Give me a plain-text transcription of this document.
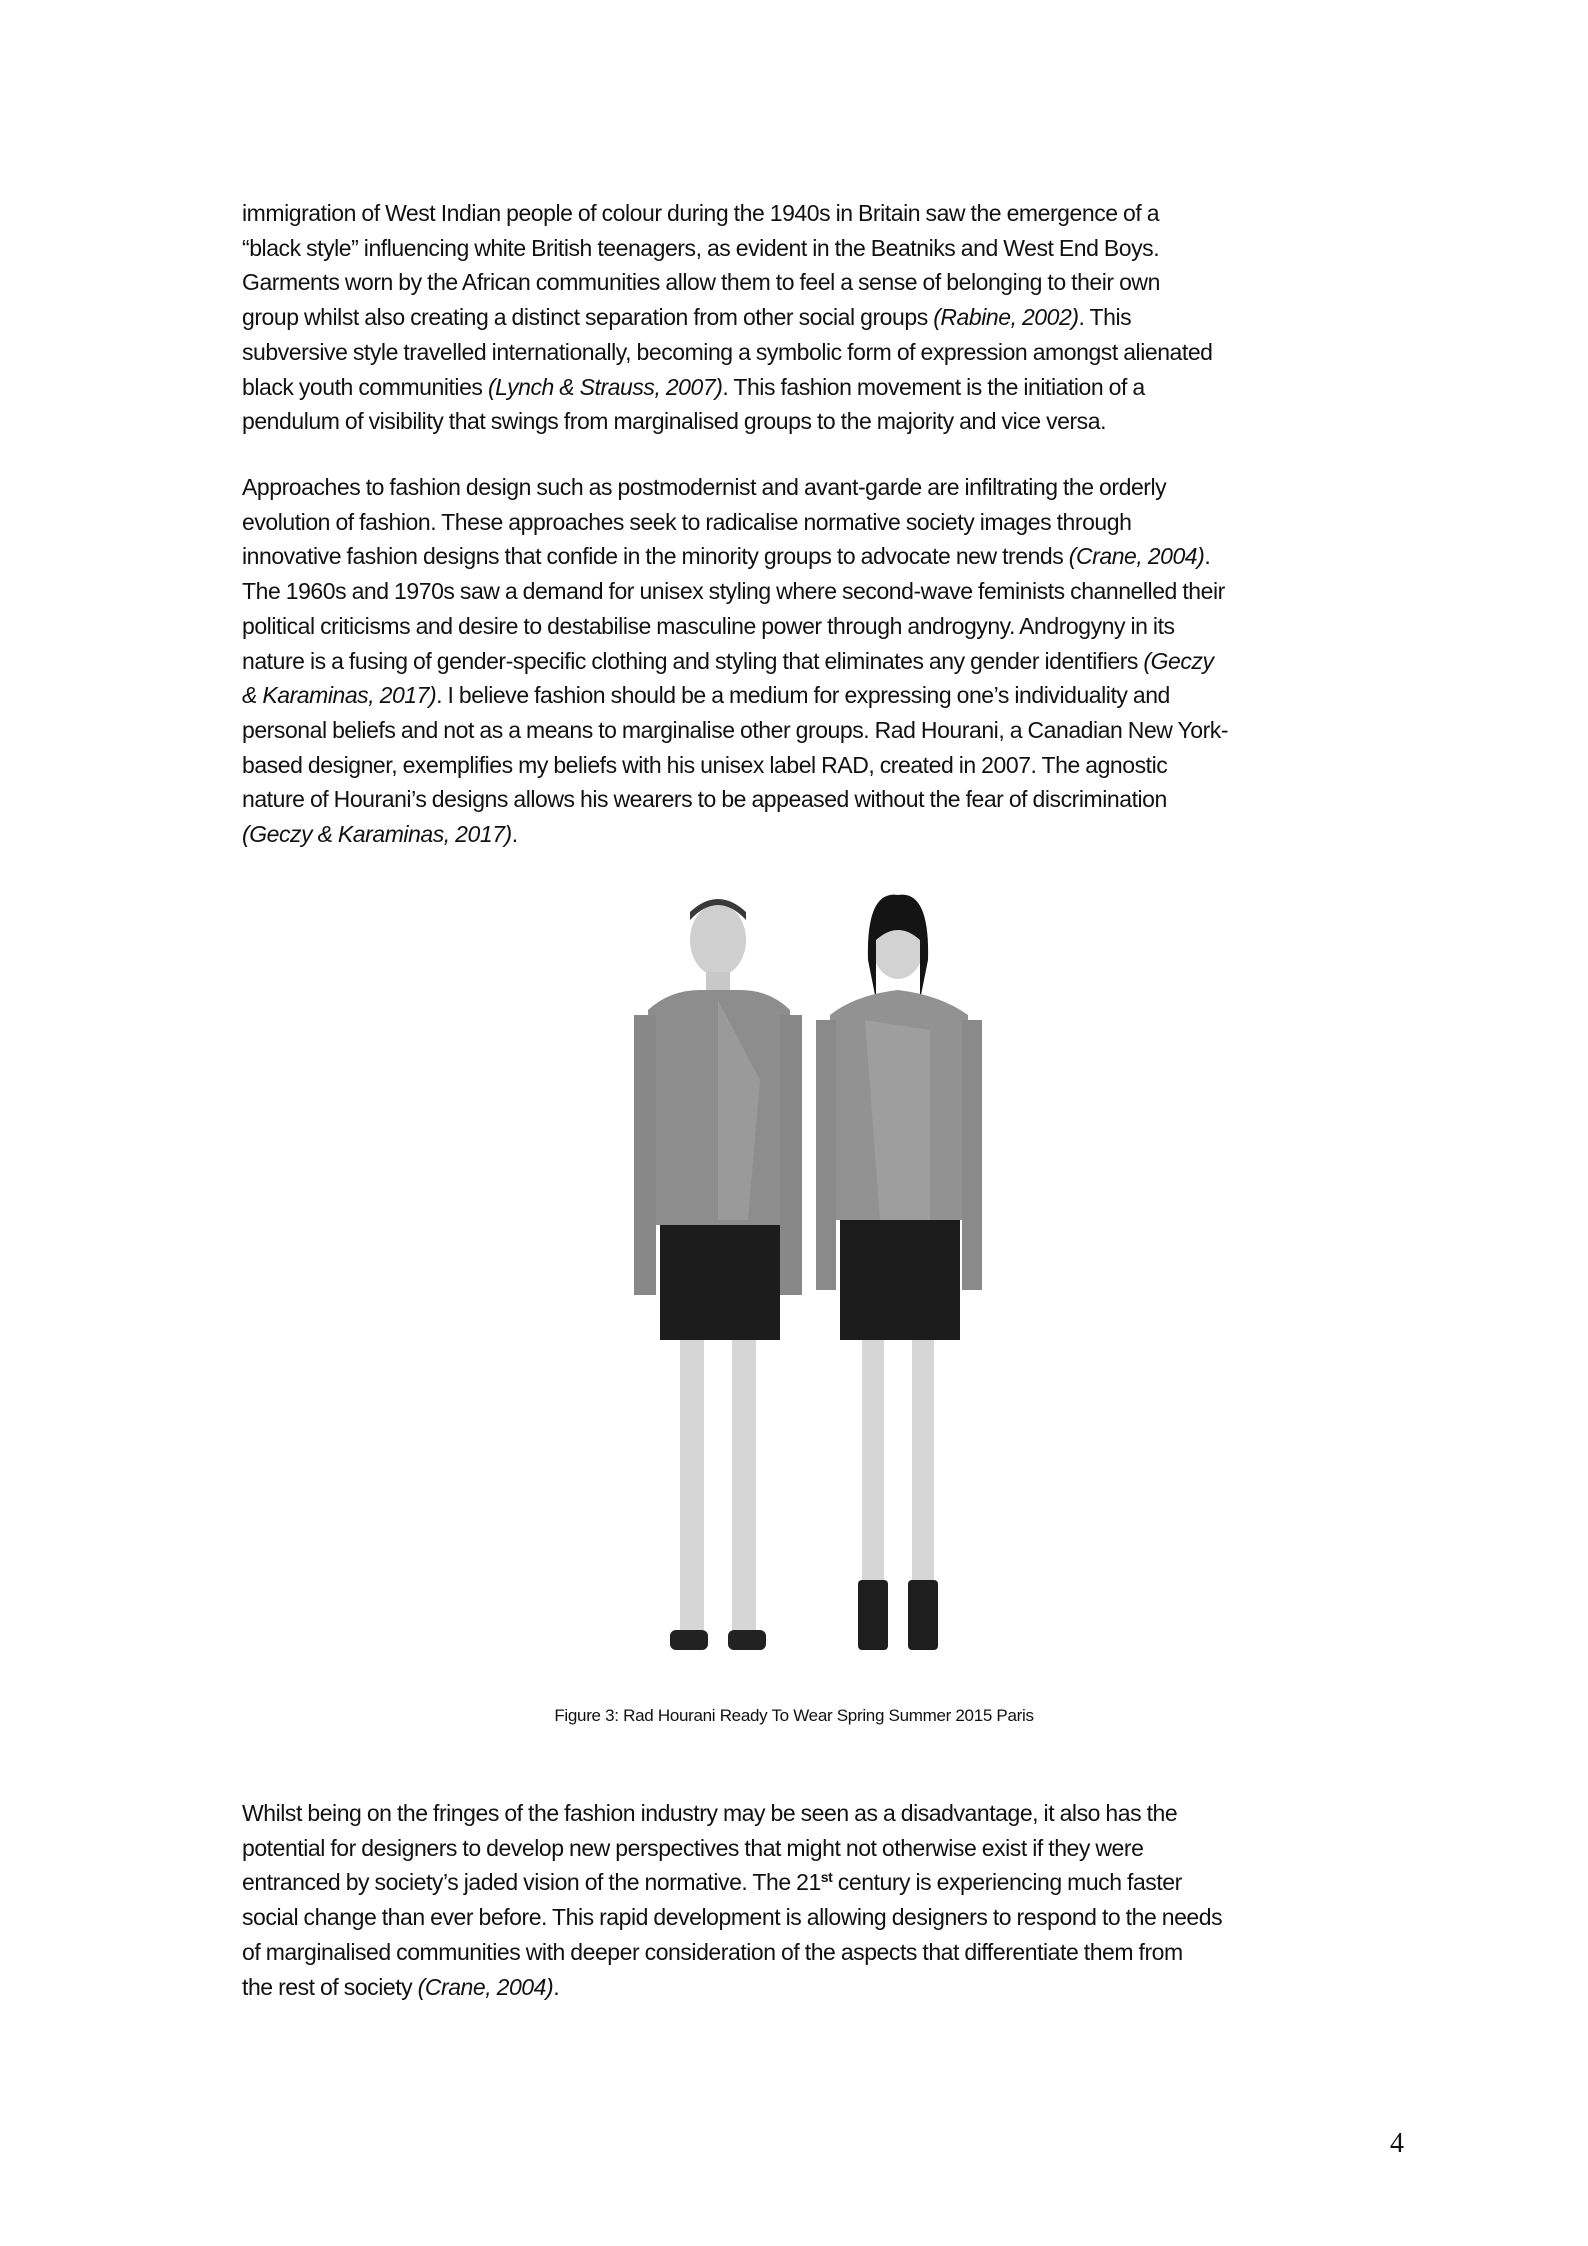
immigration of West Indian people of colour during the 1940s in Britain saw the emergence of a
“black style” influencing white British teenagers, as evident in the Beatniks and West End Boys.
Garments worn by the African communities allow them to feel a sense of belonging to their own
group whilst also creating a distinct separation from other social groups (Rabine, 2002). This
subversive style travelled internationally, becoming a symbolic form of expression amongst alienated
black youth communities (Lynch & Strauss, 2007). This fashion movement is the initiation of a
pendulum of visibility that swings from marginalised groups to the majority and vice versa.
Approaches to fashion design such as postmodernist and avant-garde are infiltrating the orderly
evolution of fashion. These approaches seek to radicalise normative society images through
innovative fashion designs that confide in the minority groups to advocate new trends (Crane, 2004).
The 1960s and 1970s saw a demand for unisex styling where second-wave feminists channelled their
political criticisms and desire to destabilise masculine power through androgyny. Androgyny in its
nature is a fusing of gender-specific clothing and styling that eliminates any gender identifiers (Geczy
& Karaminas, 2017). I believe fashion should be a medium for expressing one’s individuality and
personal beliefs and not as a means to marginalise other groups. Rad Hourani, a Canadian New York-
based designer, exemplifies my beliefs with his unisex label RAD, created in 2007. The agnostic
nature of Hourani’s designs allows his wearers to be appeased without the fear of discrimination
(Geczy & Karaminas, 2017).
Figure 3: Rad Hourani Ready To Wear Spring Summer 2015 Paris
Whilst being on the fringes of the fashion industry may be seen as a disadvantage, it also has the
potential for designers to develop new perspectives that might not otherwise exist if they were
entranced by society’s jaded vision of the normative. The 21st century is experiencing much faster
social change than ever before. This rapid development is allowing designers to respond to the needs
of marginalised communities with deeper consideration of the aspects that differentiate them from
the rest of society (Crane, 2004).
4
